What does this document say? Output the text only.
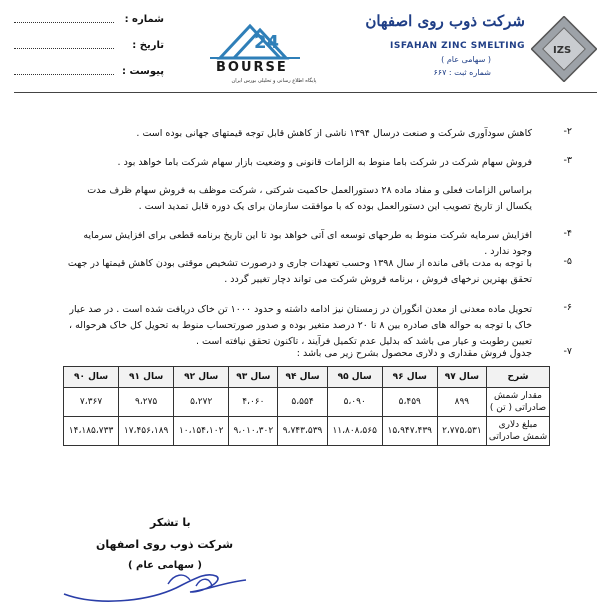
شماره :
تاریخ :
پیوست :
24
BOURSE
پایگاه اطلاع رسانی و تحلیلی بورس ایران
شرکت ذوب روی اصفهان
ISFAHAN ZINC SMELTING
( سهامی عام )
شماره ثبت : ۶۶۷
IZS
۲-
کاهش سودآوری شرکت و صنعت درسال ۱۳۹۴ ناشی از کاهش قابل توجه قیمتهای جهانی بوده است .
۳-
فروش سهام شرکت در شرکت باما منوط به الزامات قانونی و وضعیت بازار سهام شرکت باما خواهد بود .
براساس الزامات فعلی و مفاد ماده ۲۸ دستورالعمل حاکمیت شرکتی ، شرکت موظف به فروش سهام ظرف مدت یکسال از تاریخ تصویب این دستورالعمل بوده که با موافقت سازمان برای یک دوره قابل تمدید است .
۴-
افزایش سرمایه شرکت منوط به طرحهای توسعه ای آتی خواهد بود تا این تاریخ برنامه قطعی برای افزایش سرمایه وجود ندارد .
۵-
با توجه به مدت باقی مانده از سال ۱۳۹۸ وحسب تعهدات جاری و درصورت تشخیص موقتی بودن کاهش قیمتها در جهت تحقق بهترین نرخهای فروش ، برنامه فروش شرکت می تواند دچار تغییر گردد .
۶-
تحویل ماده معدنی از معدن انگوران در زمستان نیز ادامه داشته و حدود ۱۰۰۰ تن خاک دریافت شده است . در صد عیار خاک با توجه به حواله های صادره بین ۸ تا ۲۰ درصد متغیر بوده و صدور صورتحساب منوط به تحویل کل خاک هرحواله ، تعیین رطوبت و عیار می باشد که بدلیل عدم تکمیل فرآیند ، تاکنون تحقق نیافته است .
۷-
جدول فروش مقداری و دلاری محصول بشرح زیر می باشد :
شرح	سال ۹۷	سال ۹۶	سال ۹۵	سال ۹۴	سال ۹۳	سال ۹۲	سال ۹۱	سال ۹۰
مقدار شمش صادراتی ( تن )	۸۹۹	۵،۴۵۹	۵،۰۹۰	۵،۵۵۴	۴،۰۶۰	۵،۲۷۲	۹،۲۷۵	۷،۳۶۷
مبلغ دلاری شمش صادراتی	۲،۷۷۵،۵۳۱	۱۵،۹۴۷،۴۳۹	۱۱،۸۰۸،۵۶۵	۹،۷۴۳،۵۳۹	۹،۰۱۰،۳۰۲	۱۰،۱۵۴،۱۰۲	۱۷،۴۵۶،۱۸۹	۱۴،۱۸۵،۷۳۳
با تشکر
شرکت ذوب روی اصفهان
( سهامی عام )
